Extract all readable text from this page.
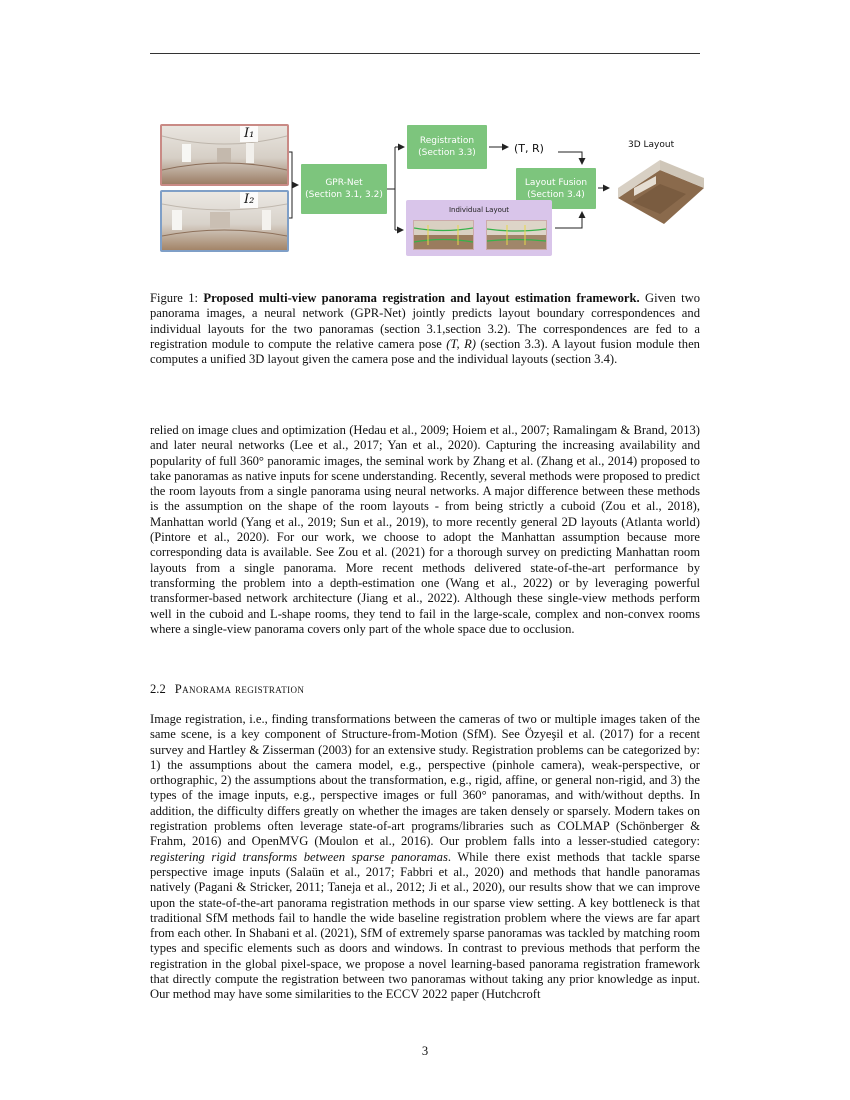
GPR-Net
(Section 3.1, 3.2)
Registration
(Section 3.3)	(T, R)
Layout Fusion
(Section 3.4)
Individual Layout
3D Layout
I₁
I₂

Figure 1: Proposed multi-view panorama registration and layout estimation framework. Given two panorama images, a neural network (GPR-Net) jointly predicts layout boundary correspondences and individual layouts for the two panoramas (section 3.1,section 3.2). The correspondences are fed to a registration module to compute the relative camera pose (T, R) (section 3.3). A layout fusion module then computes a unified 3D layout given the camera pose and the individual layouts (section 3.4).

relied on image clues and optimization (Hedau et al., 2009; Hoiem et al., 2007; Ramalingam & Brand, 2013) and later neural networks (Lee et al., 2017; Yan et al., 2020). Capturing the increasing availability and popularity of full 360° panoramic images, the seminal work by Zhang et al. (Zhang et al., 2014) proposed to take panoramas as native inputs for scene understanding. Recently, several methods were proposed to predict the room layouts from a single panorama using neural networks. A major difference between these methods is the assumption on the shape of the room layouts - from being strictly a cuboid (Zou et al., 2018), Manhattan world (Yang et al., 2019; Sun et al., 2019), to more recently general 2D layouts (Atlanta world) (Pintore et al., 2020). For our work, we choose to adopt the Manhattan assumption because more corresponding data is available. See Zou et al. (2021) for a thorough survey on predicting Manhattan room layouts from a single panorama. More recent methods delivered state-of-the-art performance by transforming the problem into a depth-estimation one (Wang et al., 2022) or by leveraging powerful transformer-based network architecture (Jiang et al., 2022). Although these single-view methods perform well in the cuboid and L-shape rooms, they tend to fail in the large-scale, complex and non-convex rooms where a single-view panorama covers only part of the whole space due to occlusion.

2.2 Panorama registration

Image registration, i.e., finding transformations between the cameras of two or multiple images taken of the same scene, is a key component of Structure-from-Motion (SfM). See Özyeşil et al. (2017) for a recent survey and Hartley & Zisserman (2003) for an extensive study. Registration problems can be categorized by: 1) the assumptions about the camera model, e.g., perspective (pinhole camera), weak-perspective, or orthographic, 2) the assumptions about the transformation, e.g., rigid, affine, or general non-rigid, and 3) the types of the image inputs, e.g., perspective images or full 360° panoramas, and with/without depths. In addition, the difficulty differs greatly on whether the images are taken densely or sparsely. Modern takes on registration problems often leverage state-of-art programs/libraries such as COLMAP (Schönberger & Frahm, 2016) and OpenMVG (Moulon et al., 2016). Our problem falls into a lesser-studied category: registering rigid transforms between sparse panoramas. While there exist methods that tackle sparse perspective image inputs (Salaün et al., 2017; Fabbri et al., 2020) and methods that handle panoramas natively (Pagani & Stricker, 2011; Taneja et al., 2012; Ji et al., 2020), our results show that we can improve upon the state-of-the-art panorama registration methods in our sparse view setting. A key bottleneck is that traditional SfM methods fail to handle the wide baseline registration problem where the views are far apart from each other. In Shabani et al. (2021), SfM of extremely sparse panoramas was tackled by matching room types and specific elements such as doors and windows. In contrast to previous methods that perform the registration in the global pixel-space, we propose a novel learning-based panorama registration framework that directly compute the registration between two panoramas without taking any prior knowledge as input. Our method may have some similarities to the ECCV 2022 paper (Hutchcroft

3
